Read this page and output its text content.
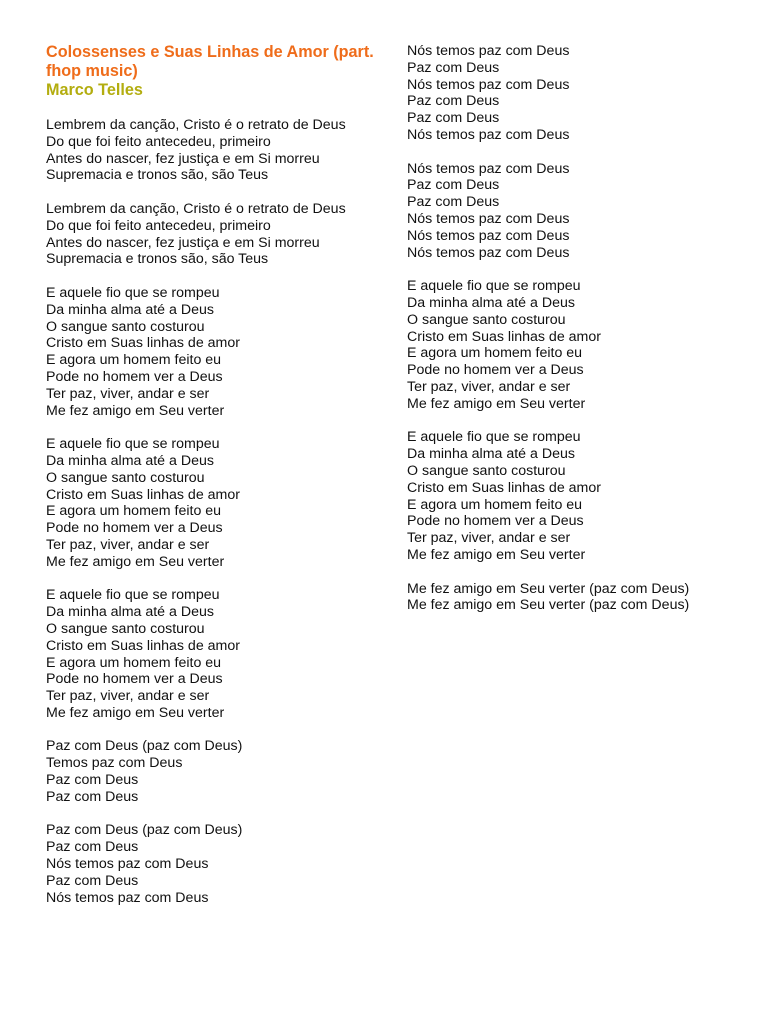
Colossenses e Suas Linhas de Amor (part. fhop music)

Marco Telles

Lembrem da canção, Cristo é o retrato de Deus
Do que foi feito antecedeu, primeiro
Antes do nascer, fez justiça e em Si morreu
Supremacia e tronos são, são Teus
Lembrem da canção, Cristo é o retrato de Deus
Do que foi feito antecedeu, primeiro
Antes do nascer, fez justiça e em Si morreu
Supremacia e tronos são, são Teus
E aquele fio que se rompeu
Da minha alma até a Deus
O sangue santo costurou
Cristo em Suas linhas de amor
E agora um homem feito eu
Pode no homem ver a Deus
Ter paz, viver, andar e ser
Me fez amigo em Seu verter
E aquele fio que se rompeu
Da minha alma até a Deus
O sangue santo costurou
Cristo em Suas linhas de amor
E agora um homem feito eu
Pode no homem ver a Deus
Ter paz, viver, andar e ser
Me fez amigo em Seu verter
E aquele fio que se rompeu
Da minha alma até a Deus
O sangue santo costurou
Cristo em Suas linhas de amor
E agora um homem feito eu
Pode no homem ver a Deus
Ter paz, viver, andar e ser
Me fez amigo em Seu verter
Paz com Deus (paz com Deus)
Temos paz com Deus
Paz com Deus
Paz com Deus
Paz com Deus (paz com Deus)
Paz com Deus
Nós temos paz com Deus
Paz com Deus
Nós temos paz com Deus
Nós temos paz com Deus
Paz com Deus
Nós temos paz com Deus
Paz com Deus
Paz com Deus
Nós temos paz com Deus
Nós temos paz com Deus
Paz com Deus
Paz com Deus
Nós temos paz com Deus
Nós temos paz com Deus
Nós temos paz com Deus
E aquele fio que se rompeu
Da minha alma até a Deus
O sangue santo costurou
Cristo em Suas linhas de amor
E agora um homem feito eu
Pode no homem ver a Deus
Ter paz, viver, andar e ser
Me fez amigo em Seu verter
E aquele fio que se rompeu
Da minha alma até a Deus
O sangue santo costurou
Cristo em Suas linhas de amor
E agora um homem feito eu
Pode no homem ver a Deus
Ter paz, viver, andar e ser
Me fez amigo em Seu verter
Me fez amigo em Seu verter (paz com Deus)
Me fez amigo em Seu verter (paz com Deus)
